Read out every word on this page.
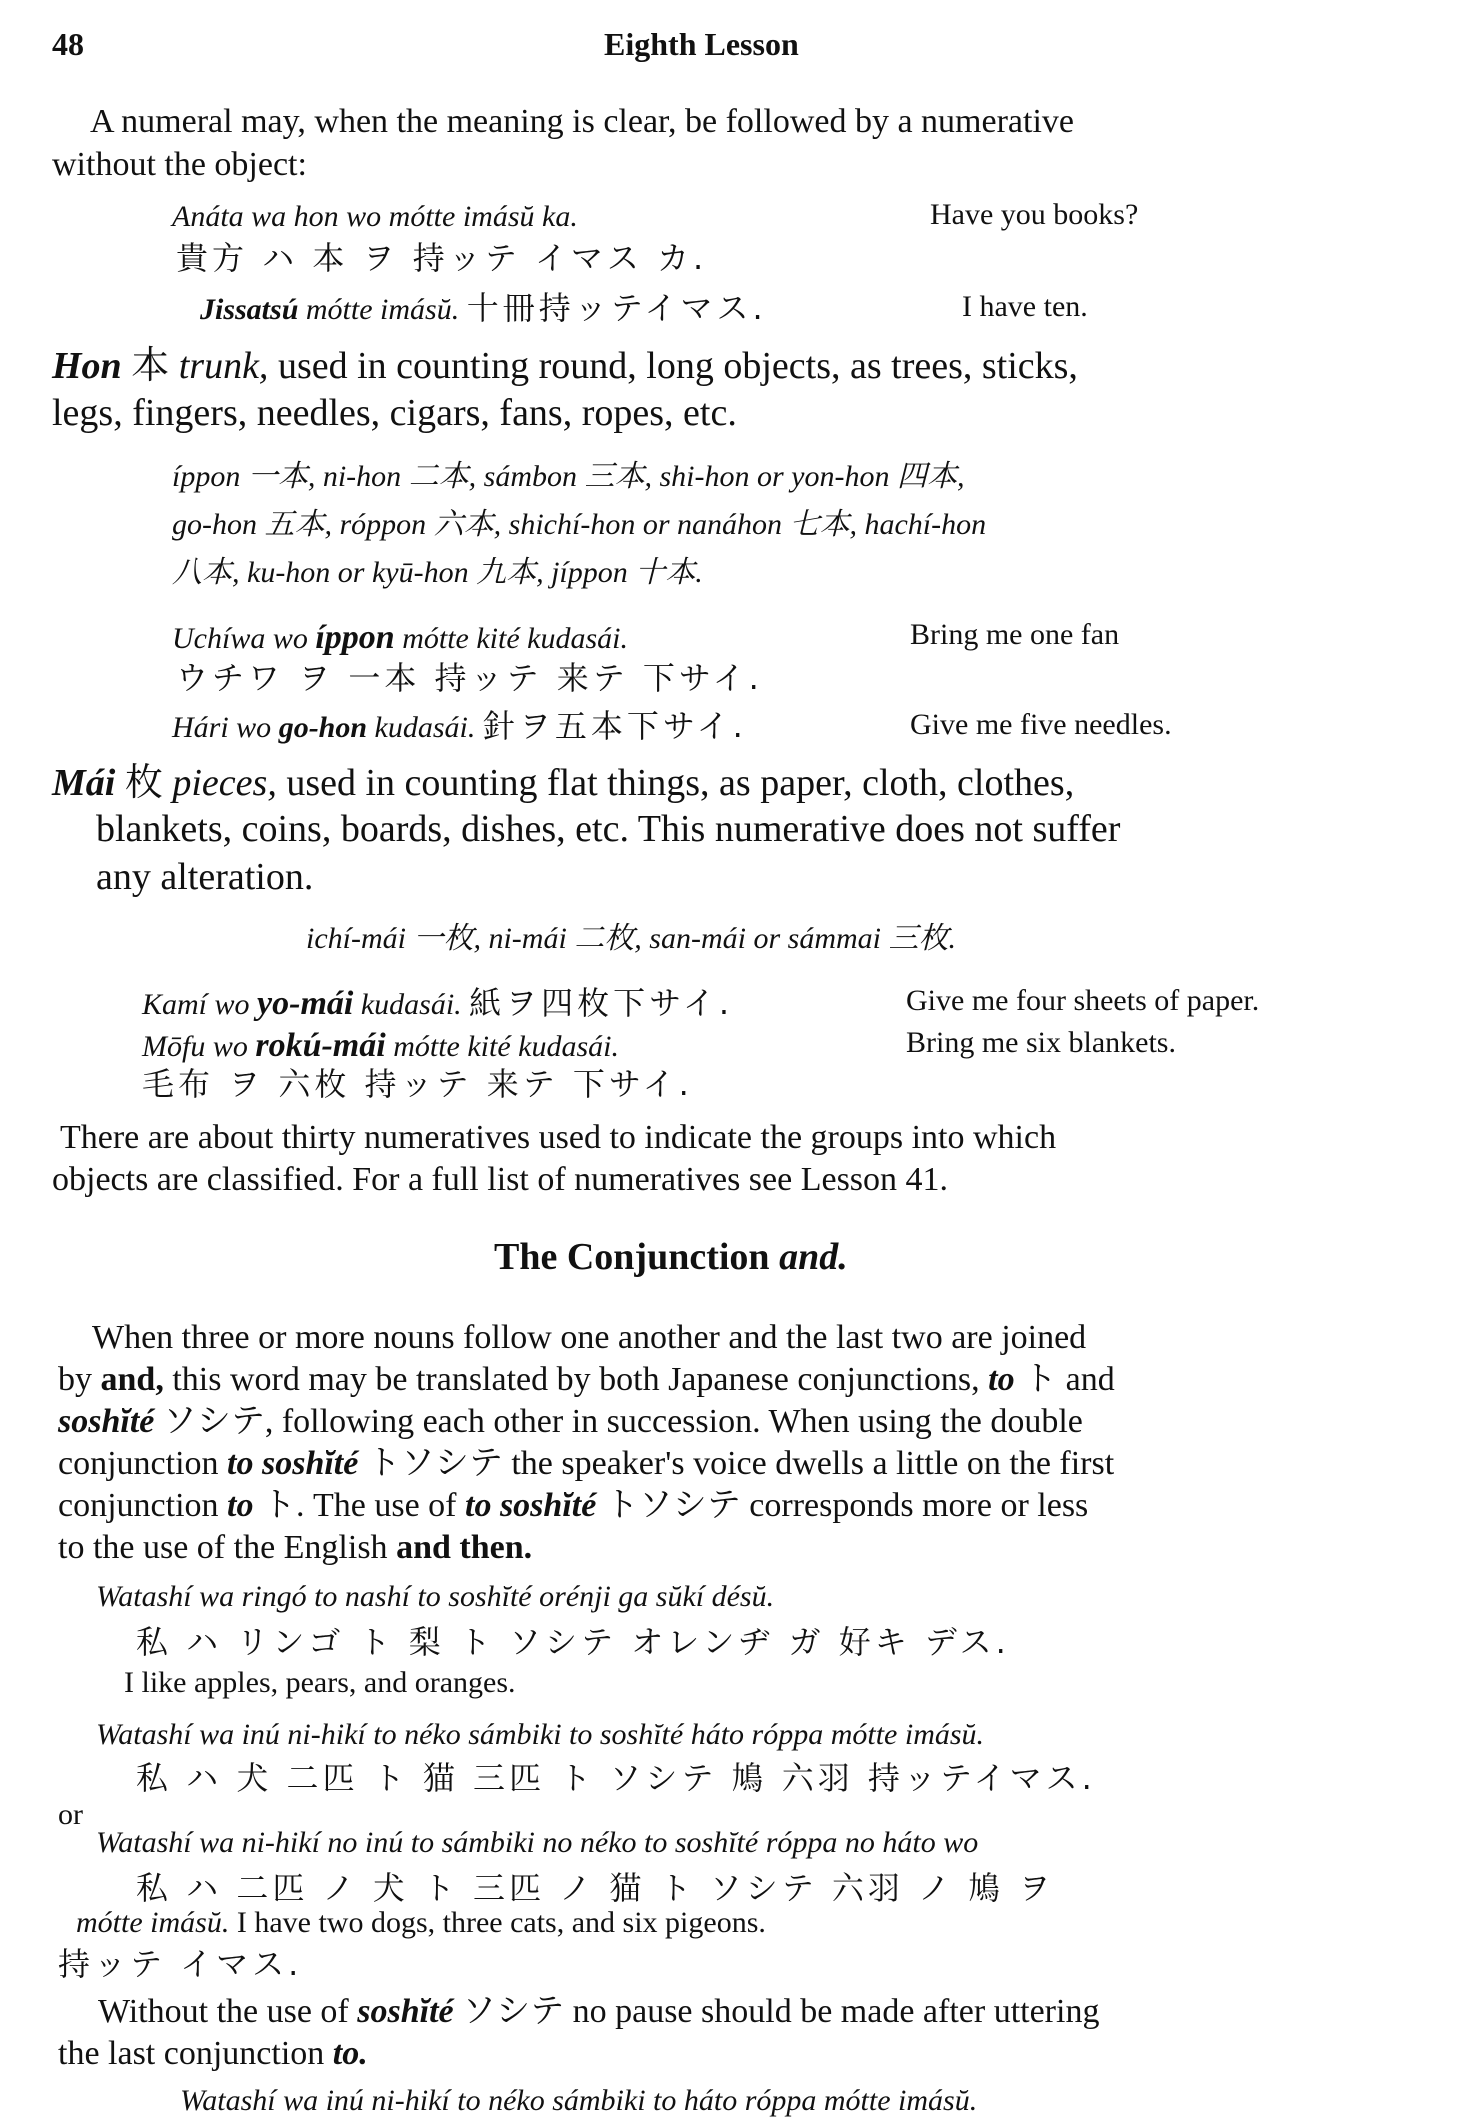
48	Eighth Lesson
A numeral may, when the meaning is clear, be followed by a numerative
without the object:
Anáta wa hon wo mótte imásŭ ka.	Have you books?
貴方 ハ 本 ヲ 持ッテ イマス カ.
Jissatsú mótte imásŭ. 十冊持ッテイマス.	I have ten.
Hon 本 trunk, used in counting round, long objects, as trees, sticks,
legs, fingers, needles, cigars, fans, ropes, etc.
íppon 一本, ni-hon 二本, sámbon 三本, shi-hon or yon-hon 四本,
go-hon 五本, róppon 六本, shichí-hon or nanáhon 七本, hachí-hon
八本, ku-hon or kyū-hon 九本, jíppon 十本.
Uchíwa wo íppon mótte kité kudasái.	Bring me one fan
ウチワ ヲ 一本 持ッテ 来テ 下サイ.
Hári wo go-hon kudasái. 針ヲ五本下サイ.	Give me five needles.
Mái 枚 pieces, used in counting flat things, as paper, cloth, clothes,
blankets, coins, boards, dishes, etc. This numerative does not suffer
any alteration.
ichí-mái 一枚, ni-mái 二枚, san-mái or sámmai 三枚.
Kamí wo yo-mái kudasái. 紙ヲ四枚下サイ.	Give me four sheets of paper.
Mōfu wo rokú-mái mótte kité kudasái.	Bring me six blankets.
毛布 ヲ 六枚 持ッテ 来テ 下サイ.
There are about thirty numeratives used to indicate the groups into which
objects are classified. For a full list of numeratives see Lesson 41.
The Conjunction and.
When three or more nouns follow one another and the last two are joined
by and, this word may be translated by both Japanese conjunctions, to ト and
soshĭté ソシテ, following each other in succession. When using the double
conjunction to soshĭté トソシテ the speaker's voice dwells a little on the first
conjunction to ト. The use of to soshĭté トソシテ corresponds more or less
to the use of the English and then.
Watashí wa ringó to nashí to soshĭté orénji ga sŭkí désŭ.
私 ハ リンゴ ト 梨 ト ソシテ オレンヂ ガ 好キ デス.
I like apples, pears, and oranges.
Watashí wa inú ni-hikí to néko sámbiki to soshĭté háto róppa mótte imásŭ.
私 ハ 犬 二匹 ト 猫 三匹 ト ソシテ 鳩 六羽 持ッテイマス.
or
Watashí wa ni-hikí no inú to sámbiki no néko to soshĭté róppa no háto wo
私 ハ 二匹 ノ 犬 ト 三匹 ノ 猫 ト ソシテ 六羽 ノ 鳩 ヲ
mótte imásŭ. I have two dogs, three cats, and six pigeons.
持ッテ イマス.
Without the use of soshĭté ソシテ no pause should be made after uttering
the last conjunction to.
Watashí wa inú ni-hikí to néko sámbiki to háto róppa mótte imásŭ.
